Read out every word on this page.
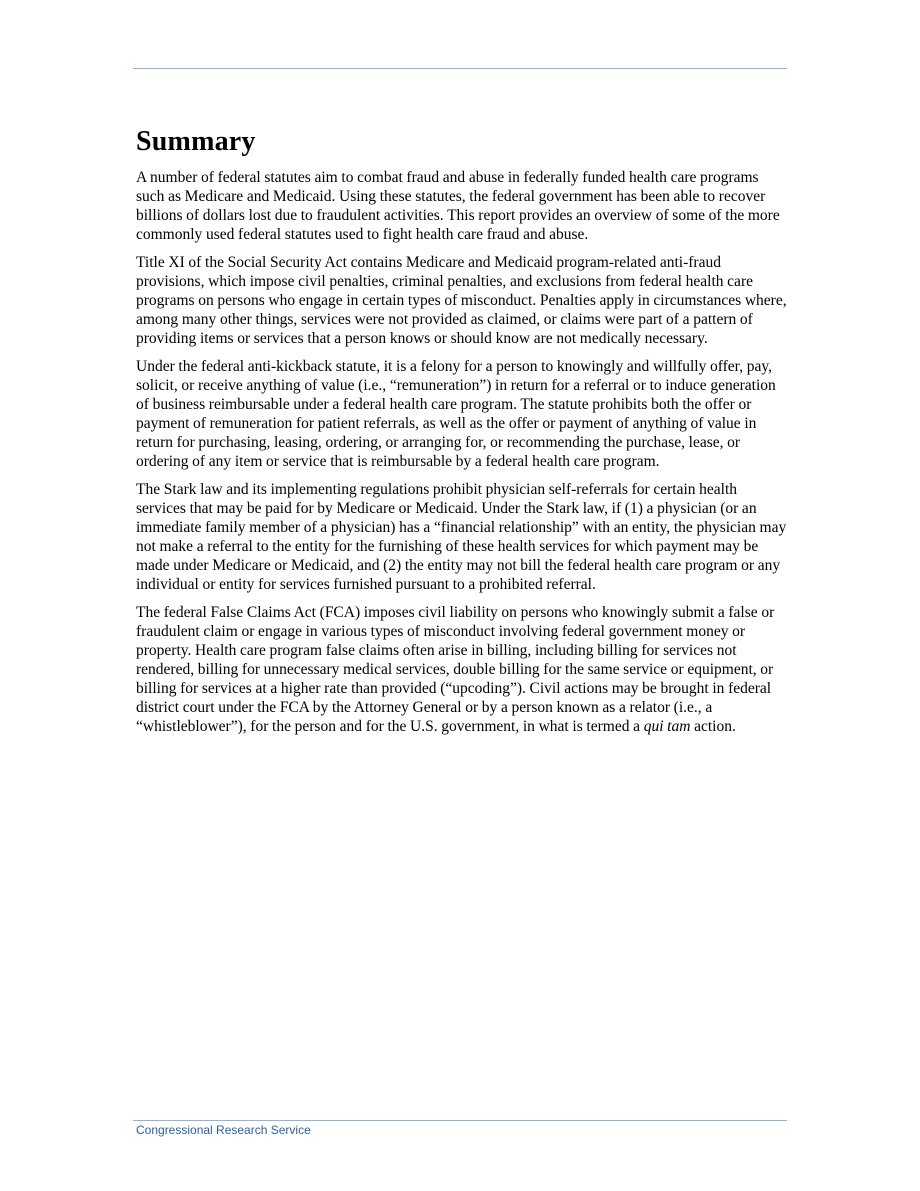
Summary

A number of federal statutes aim to combat fraud and abuse in federally funded health care programs such as Medicare and Medicaid. Using these statutes, the federal government has been able to recover billions of dollars lost due to fraudulent activities. This report provides an overview of some of the more commonly used federal statutes used to fight health care fraud and abuse.

Title XI of the Social Security Act contains Medicare and Medicaid program-related anti-fraud provisions, which impose civil penalties, criminal penalties, and exclusions from federal health care programs on persons who engage in certain types of misconduct. Penalties apply in circumstances where, among many other things, services were not provided as claimed, or claims were part of a pattern of providing items or services that a person knows or should know are not medically necessary.

Under the federal anti-kickback statute, it is a felony for a person to knowingly and willfully offer, pay, solicit, or receive anything of value (i.e., “remuneration”) in return for a referral or to induce generation of business reimbursable under a federal health care program. The statute prohibits both the offer or payment of remuneration for patient referrals, as well as the offer or payment of anything of value in return for purchasing, leasing, ordering, or arranging for, or recommending the purchase, lease, or ordering of any item or service that is reimbursable by a federal health care program.

The Stark law and its implementing regulations prohibit physician self-referrals for certain health services that may be paid for by Medicare or Medicaid. Under the Stark law, if (1) a physician (or an immediate family member of a physician) has a “financial relationship” with an entity, the physician may not make a referral to the entity for the furnishing of these health services for which payment may be made under Medicare or Medicaid, and (2) the entity may not bill the federal health care program or any individual or entity for services furnished pursuant to a prohibited referral.

The federal False Claims Act (FCA) imposes civil liability on persons who knowingly submit a false or fraudulent claim or engage in various types of misconduct involving federal government money or property. Health care program false claims often arise in billing, including billing for services not rendered, billing for unnecessary medical services, double billing for the same service or equipment, or billing for services at a higher rate than provided (“upcoding”). Civil actions may be brought in federal district court under the FCA by the Attorney General or by a person known as a relator (i.e., a “whistleblower”), for the person and for the U.S. government, in what is termed a qui tam action.

Congressional Research Service
